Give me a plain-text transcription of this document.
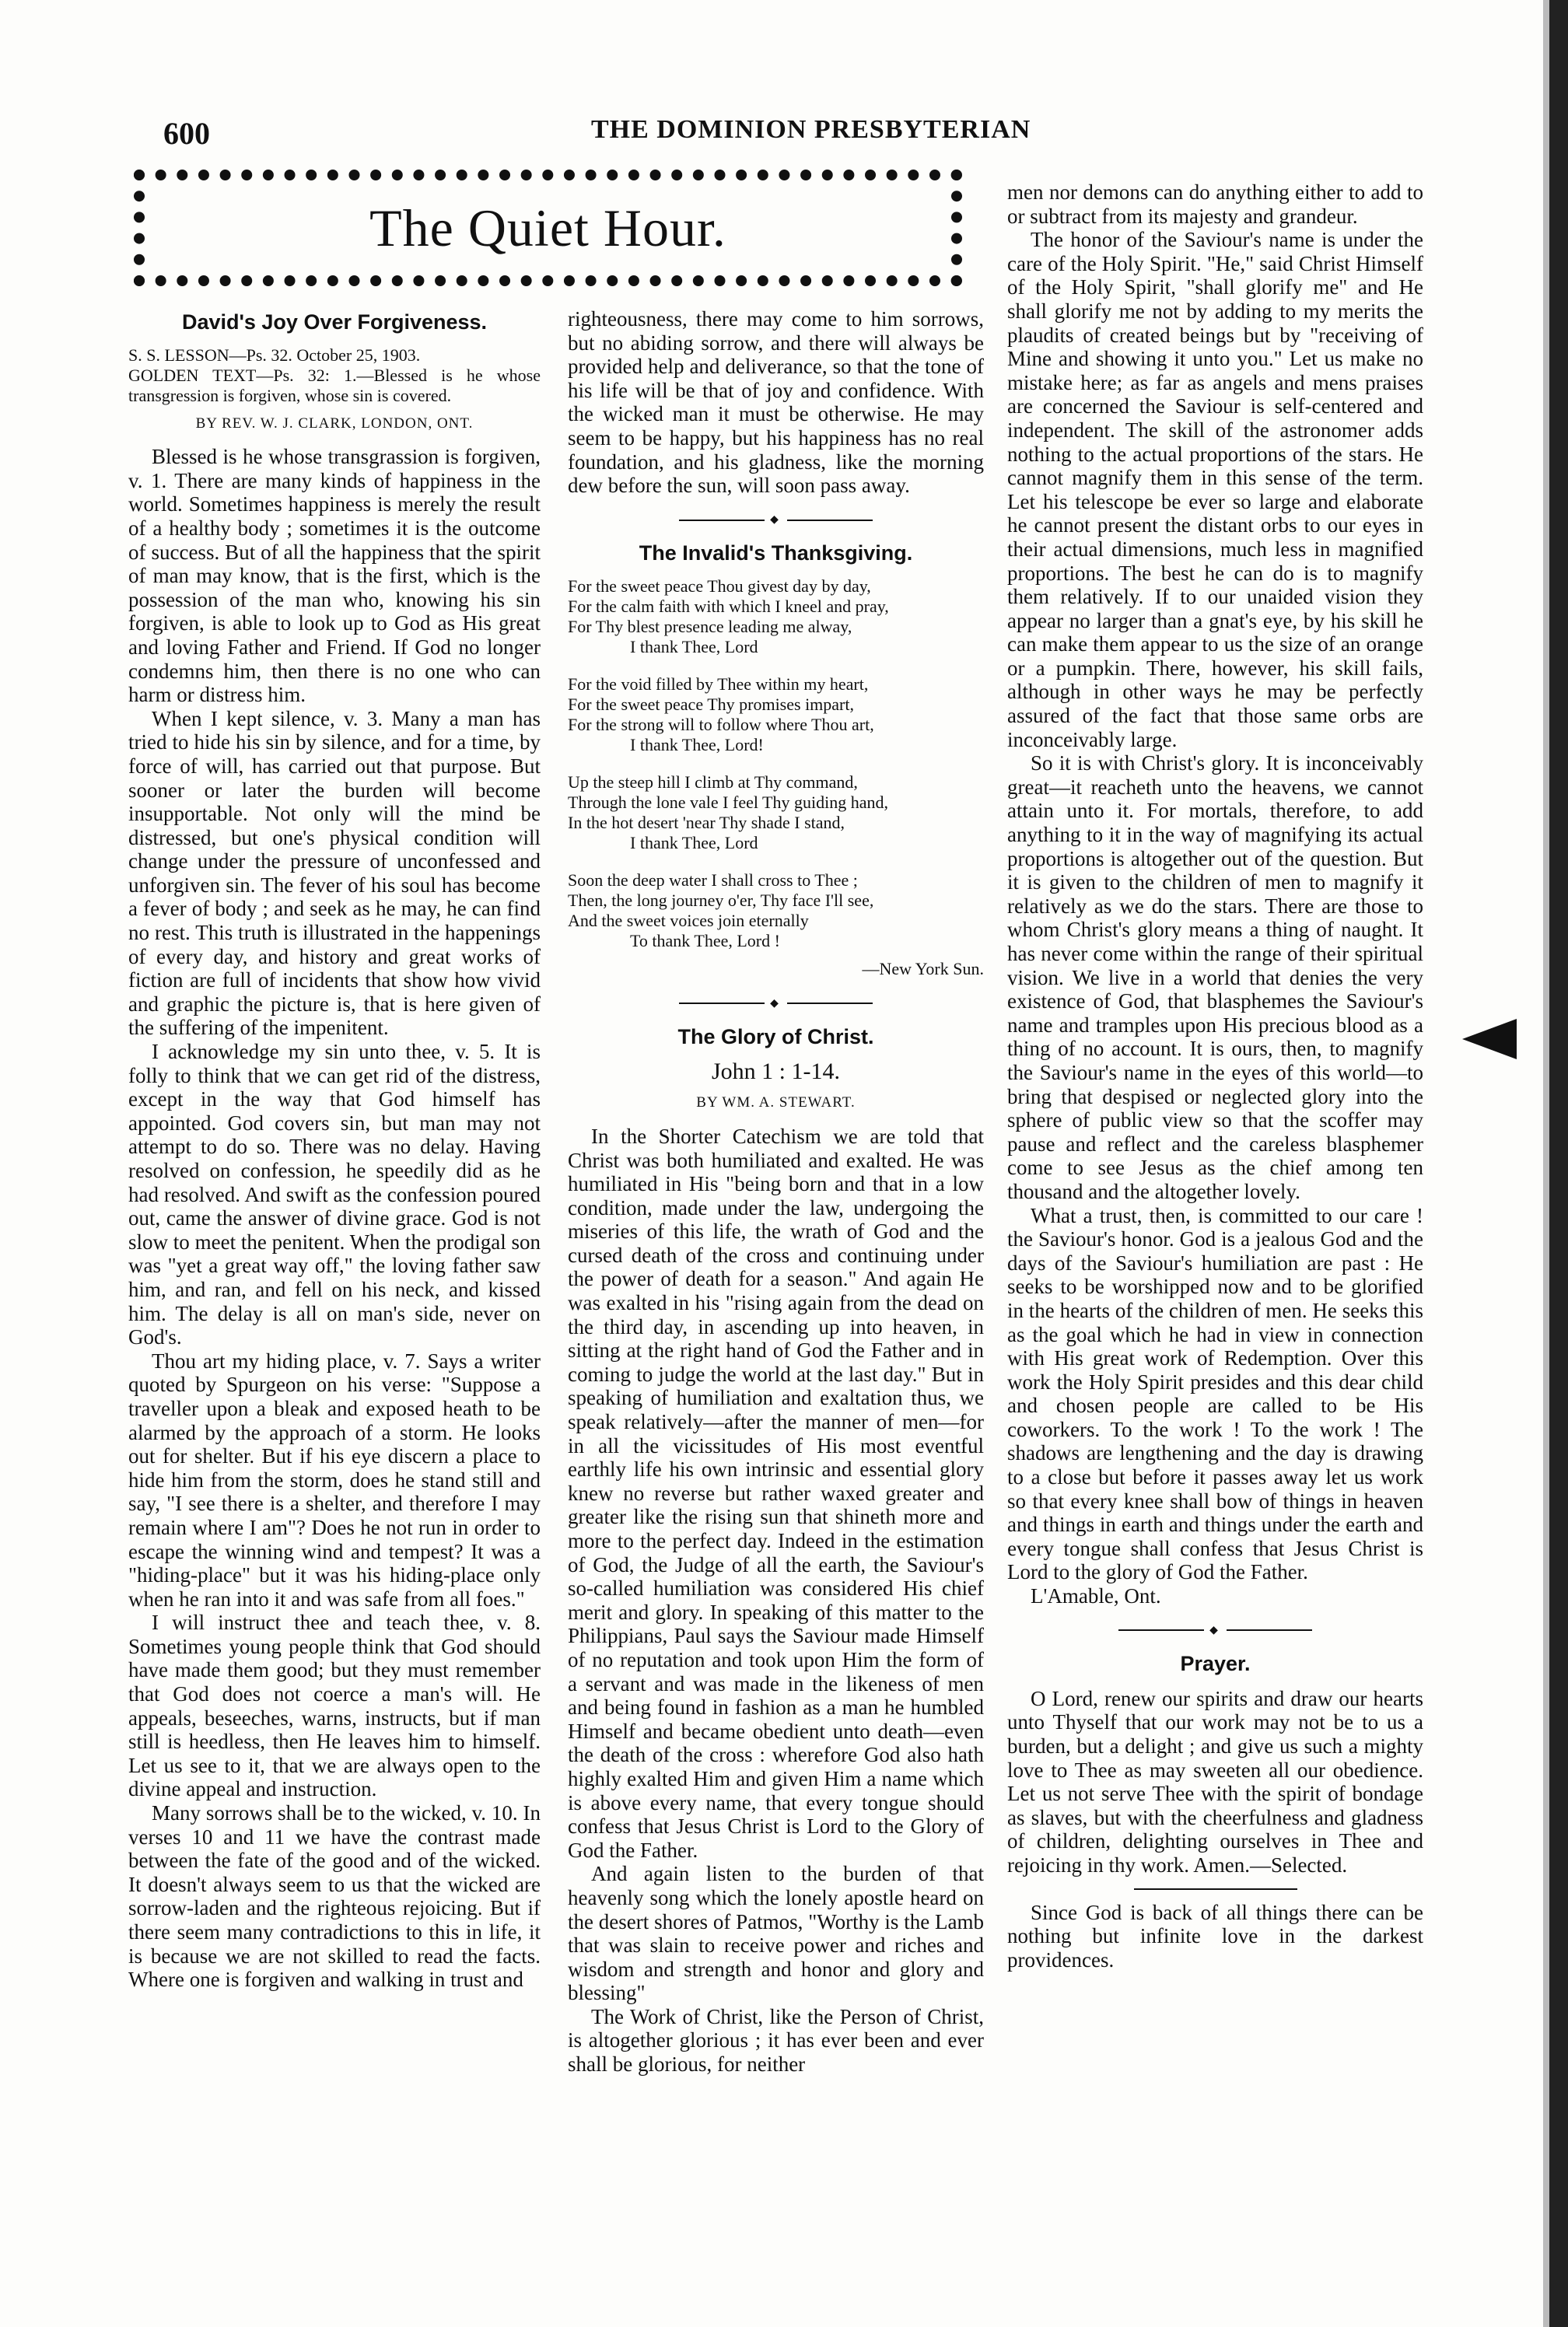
600	THE DOMINION PRESBYTERIAN
The Quiet Hour.
David's Joy Over Forgiveness.

S. S. LESSON—Ps. 32. October 25, 1903.

GOLDEN TEXT—Ps. 32: 1.—Blessed is he whose transgression is forgiven, whose sin is covered.

BY REV. W. J. CLARK, LONDON, ONT.

Blessed is he whose transgrassion is forgiven, v. 1. There are many kinds of happiness in the world. Sometimes happiness is merely the result of a healthy body ; sometimes it is the outcome of success. But of all the happiness that the spirit of man may know, that is the first, which is the possession of the man who, knowing his sin forgiven, is able to look up to God as His great and loving Father and Friend. If God no longer condemns him, then there is no one who can harm or distress him.

When I kept silence, v. 3. Many a man has tried to hide his sin by silence, and for a time, by force of will, has carried out that purpose. But sooner or later the burden will become insupportable. Not only will the mind be distressed, but one's physical condition will change under the pressure of unconfessed and unforgiven sin. The fever of his soul has become a fever of body ; and seek as he may, he can find no rest. This truth is illustrated in the happenings of every day, and history and great works of fiction are full of incidents that show how vivid and graphic the picture is, that is here given of the suffering of the impenitent.

I acknowledge my sin unto thee, v. 5. It is folly to think that we can get rid of the distress, except in the way that God himself has appointed. God covers sin, but man may not attempt to do so. There was no delay. Having resolved on confession, he speedily did as he had resolved. And swift as the confession poured out, came the answer of divine grace. God is not slow to meet the penitent. When the prodigal son was "yet a great way off," the loving father saw him, and ran, and fell on his neck, and kissed him. The delay is all on man's side, never on God's.

Thou art my hiding place, v. 7. Says a writer quoted by Spurgeon on his verse: "Suppose a traveller upon a bleak and exposed heath to be alarmed by the approach of a storm. He looks out for shelter. But if his eye discern a place to hide him from the storm, does he stand still and say, "I see there is a shelter, and therefore I may remain where I am"? Does he not run in order to escape the winning wind and tempest? It was a "hiding-place" but it was his hiding-place only when he ran into it and was safe from all foes."

I will instruct thee and teach thee, v. 8. Sometimes young people think that God should have made them good; but they must remember that God does not coerce a man's will. He appeals, beseeches, warns, instructs, but if man still is heedless, then He leaves him to himself. Let us see to it, that we are always open to the divine appeal and instruction.

Many sorrows shall be to the wicked, v. 10. In verses 10 and 11 we have the contrast made between the fate of the good and of the wicked. It doesn't always seem to us that the wicked are sorrow-laden and the righteous rejoicing. But if there seem many contradictions to this in life, it is because we are not skilled to read the facts. Where one is forgiven and walking in trust and

righteousness, there may come to him sorrows, but no abiding sorrow, and there will always be provided help and deliverance, so that the tone of his life will be that of joy and confidence. With the wicked man it must be otherwise. He may seem to be happy, but his happiness has no real foundation, and his gladness, like the morning dew before the sun, will soon pass away.

◆
The Invalid's Thanksgiving.
For the sweet peace Thou givest day by day,
For the calm faith with which I kneel and pray,
For Thy blest presence leading me alway,
I thank Thee, Lord
For the void filled by Thee within my heart,
For the sweet peace Thy promises impart,
For the strong will to follow where Thou art,
I thank Thee, Lord!
Up the steep hill I climb at Thy command,
Through the lone vale I feel Thy guiding hand,
In the hot desert 'near Thy shade I stand,
I thank Thee, Lord
Soon the deep water I shall cross to Thee ;
Then, the long journey o'er, Thy face I'll see,
And the sweet voices join eternally
To thank Thee, Lord !
—New York Sun.
◆
The Glory of Christ.
John 1 : 1-14.
BY WM. A. STEWART.

In the Shorter Catechism we are told that Christ was both humiliated and exalted. He was humiliated in His "being born and that in a low condition, made under the law, undergoing the miseries of this life, the wrath of God and the cursed death of the cross and continuing under the power of death for a season." And again He was exalted in his "rising again from the dead on the third day, in ascending up into heaven, in sitting at the right hand of God the Father and in coming to judge the world at the last day." But in speaking of humiliation and exaltation thus, we speak relatively—after the manner of men—for in all the vicissitudes of His most eventful earthly life his own intrinsic and essential glory knew no reverse but rather waxed greater and greater like the rising sun that shineth more and more to the perfect day. Indeed in the estimation of God, the Judge of all the earth, the Saviour's so-called humiliation was considered His chief merit and glory. In speaking of this matter to the Philippians, Paul says the Saviour made Himself of no reputation and took upon Him the form of a servant and was made in the likeness of men and being found in fashion as a man he humbled Himself and became obedient unto death—even the death of the cross : wherefore God also hath highly exalted Him and given Him a name which is above every name, that every tongue should confess that Jesus Christ is Lord to the Glory of God the Father.

And again listen to the burden of that heavenly song which the lonely apostle heard on the desert shores of Patmos, "Worthy is the Lamb that was slain to receive power and riches and wisdom and strength and honor and glory and blessing"

The Work of Christ, like the Person of Christ, is altogether glorious ; it has ever been and ever shall be glorious, for neither

men nor demons can do anything either to add to or subtract from its majesty and grandeur.

The honor of the Saviour's name is under the care of the Holy Spirit. "He," said Christ Himself of the Holy Spirit, "shall glorify me" and He shall glorify me not by adding to my merits the plaudits of created beings but by "receiving of Mine and showing it unto you." Let us make no mistake here; as far as angels and mens praises are concerned the Saviour is self-centered and independent. The skill of the astronomer adds nothing to the actual proportions of the stars. He cannot magnify them in this sense of the term. Let his telescope be ever so large and elaborate he cannot present the distant orbs to our eyes in their actual dimensions, much less in magnified proportions. The best he can do is to magnify them relatively. If to our unaided vision they appear no larger than a gnat's eye, by his skill he can make them appear to us the size of an orange or a pumpkin. There, however, his skill fails, although in other ways he may be perfectly assured of the fact that those same orbs are inconceivably large.

So it is with Christ's glory. It is inconceivably great—it reacheth unto the heavens, we cannot attain unto it. For mortals, therefore, to add anything to it in the way of magnifying its actual proportions is altogether out of the question. But it is given to the children of men to magnify it relatively as we do the stars. There are those to whom Christ's glory means a thing of naught. It has never come within the range of their spiritual vision. We live in a world that denies the very existence of God, that blasphemes the Saviour's name and tramples upon His precious blood as a thing of no account. It is ours, then, to magnify the Saviour's name in the eyes of this world—to bring that despised or neglected glory into the sphere of public view so that the scoffer may pause and reflect and the careless blasphemer come to see Jesus as the chief among ten thousand and the altogether lovely.

What a trust, then, is committed to our care ! the Saviour's honor. God is a jealous God and the days of the Saviour's humiliation are past : He seeks to be worshipped now and to be glorified in the hearts of the children of men. He seeks this as the goal which he had in view in connection with His great work of Redemption. Over this work the Holy Spirit presides and this dear child and chosen people are called to be His coworkers. To the work ! To the work ! The shadows are lengthening and the day is drawing to a close but before it passes away let us work so that every knee shall bow of things in heaven and things in earth and things under the earth and every tongue shall confess that Jesus Christ is Lord to the glory of God the Father.

L'Amable, Ont.

◆
Prayer.

O Lord, renew our spirits and draw our hearts unto Thyself that our work may not be to us a burden, but a delight ; and give us such a mighty love to Thee as may sweeten all our obedience. Let us not serve Thee with the spirit of bondage as slaves, but with the cheerfulness and gladness of children, delighting ourselves in Thee and rejoicing in thy work. Amen.—Selected.

Since God is back of all things there can be nothing but infinite love in the darkest providences.
